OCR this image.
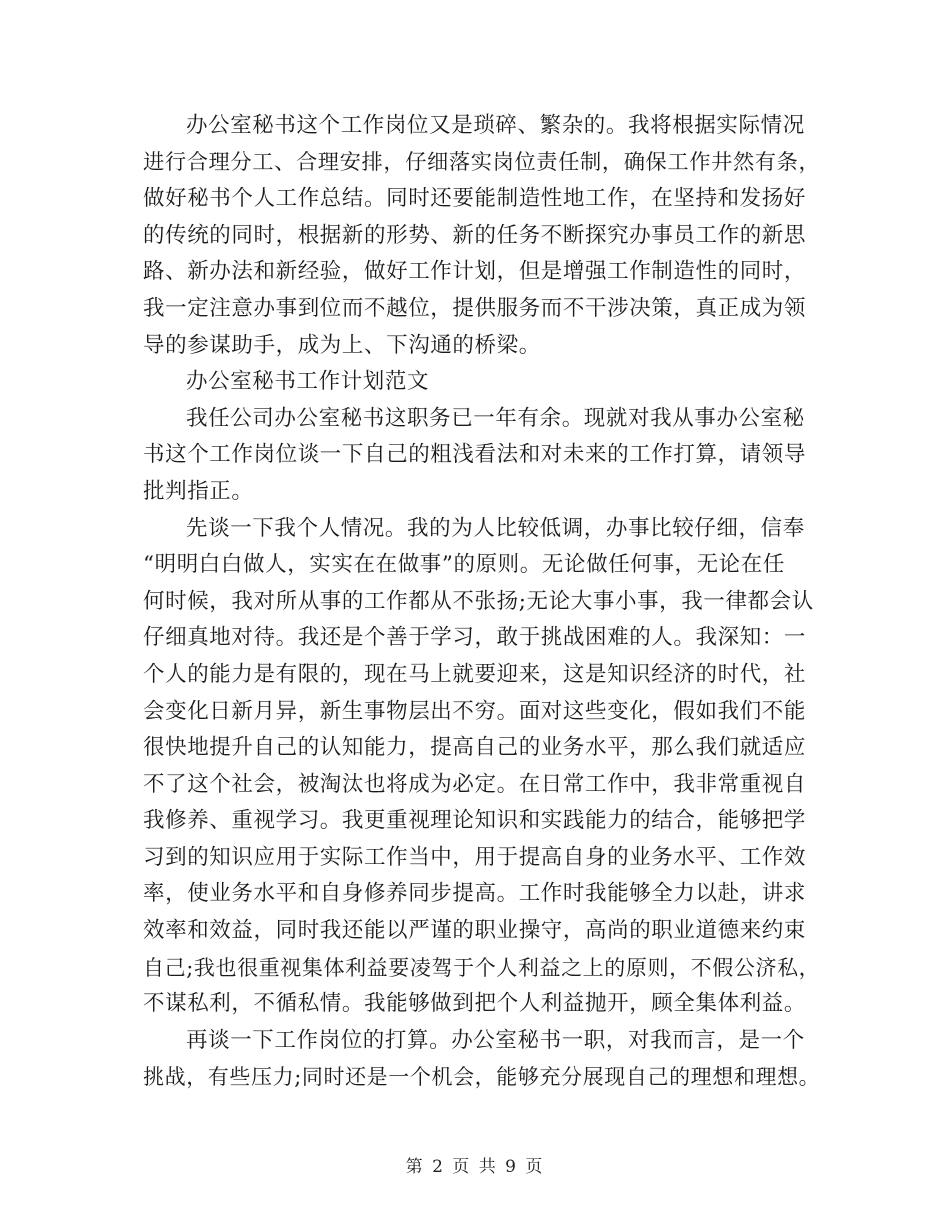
办公室秘书这个工作岗位又是琐碎、繁杂的。我将根据实际情况
进行合理分工、合理安排，仔细落实岗位责任制，确保工作井然有条，
做好秘书个人工作总结。同时还要能制造性地工作，在坚持和发扬好
的传统的同时，根据新的形势、新的任务不断探究办事员工作的新思
路、新办法和新经验，做好工作计划，但是增强工作制造性的同时，
我一定注意办事到位而不越位，提供服务而不干涉决策，真正成为领
导的参谋助手，成为上、下沟通的桥梁。
办公室秘书工作计划范文
我任公司办公室秘书这职务已一年有余。现就对我从事办公室秘
书这个工作岗位谈一下自己的粗浅看法和对未来的工作打算，请领导
批判指正。
先谈一下我个人情况。我的为人比较低调，办事比较仔细，信奉
“明明白白做人，实实在在做事”的原则。无论做任何事，无论在任
何时候，我对所从事的工作都从不张扬;无论大事小事，我一律都会认
仔细真地对待。我还是个善于学习，敢于挑战困难的人。我深知：一
个人的能力是有限的，现在马上就要迎来，这是知识经济的时代，社
会变化日新月异，新生事物层出不穷。面对这些变化，假如我们不能
很快地提升自己的认知能力，提高自己的业务水平，那么我们就适应
不了这个社会，被淘汰也将成为必定。在日常工作中，我非常重视自
我修养、重视学习。我更重视理论知识和实践能力的结合，能够把学
习到的知识应用于实际工作当中，用于提高自身的业务水平、工作效
率，使业务水平和自身修养同步提高。工作时我能够全力以赴，讲求
效率和效益，同时我还能以严谨的职业操守，高尚的职业道德来约束
自己;我也很重视集体利益要凌驾于个人利益之上的原则，不假公济私，
不谋私利，不循私情。我能够做到把个人利益抛开，顾全集体利益。
再谈一下工作岗位的打算。办公室秘书一职，对我而言，是一个
挑战，有些压力;同时还是一个机会，能够充分展现自己的理想和理想。
第 2 页 共 9 页
